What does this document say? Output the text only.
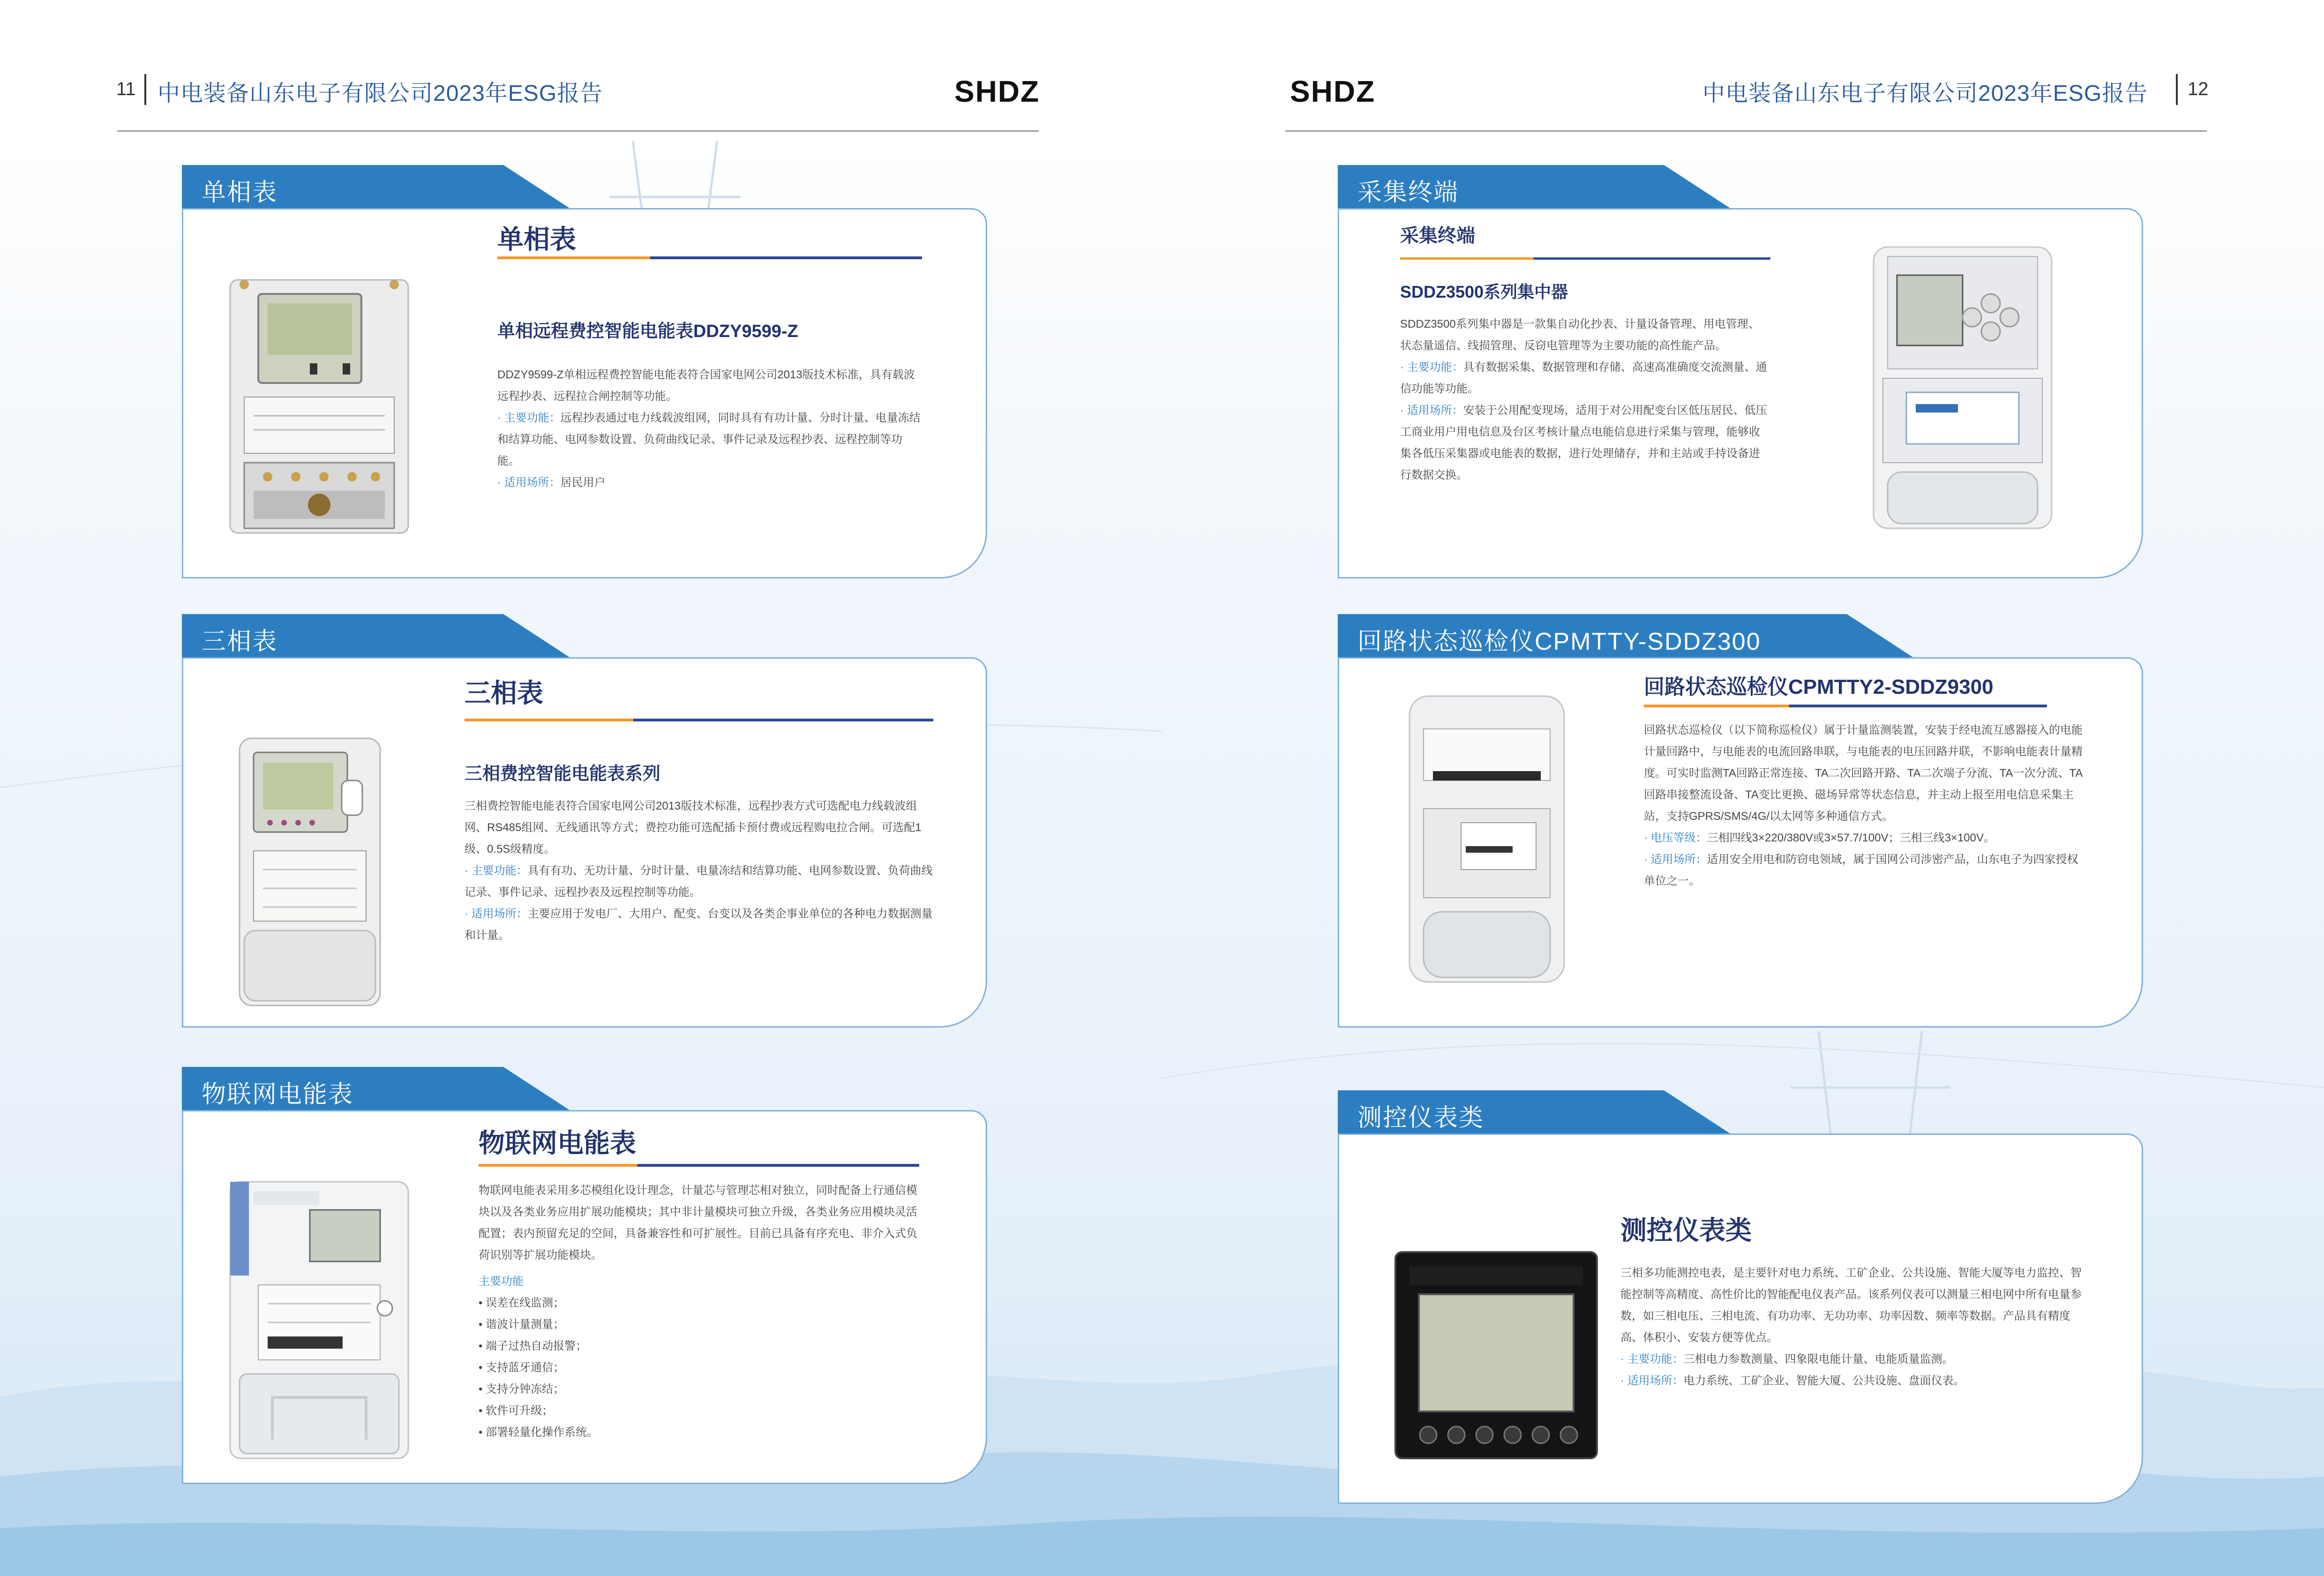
11 中电装备山东电子有限公司2023年ESG报告	SHDZ
单相表
单相表
单相远程费控智能电能表DDZY9599-Z

DDZY9599-Z单相远程费控智能电能表符合国家电网公司2013版技术标准，具有载波远程抄表、远程拉合闸控制等功能。

· 主要功能：远程抄表通过电力线载波组网，同时具有有功计量、分时计量、电量冻结和结算功能、电网参数设置、负荷曲线记录、事件记录及远程抄表、远程控制等功能。

· 适用场所：居民用户

三相表
三相表
三相费控智能电能表系列

三相费控智能电能表符合国家电网公司2013版技术标准，远程抄表方式可选配电力线载波组网、RS485组网、无线通讯等方式；费控功能可选配插卡预付费或远程购电拉合闸。可选配1级、0.5S级精度。

· 主要功能：具有有功、无功计量、分时计量、电量冻结和结算功能、电网参数设置、负荷曲线记录、事件记录、远程抄表及远程控制等功能。

· 适用场所：主要应用于发电厂、大用户、配变、台变以及各类企事业单位的各种电力数据测量和计量。

物联网电能表
物联网电能表

物联网电能表采用多芯模组化设计理念，计量芯与管理芯相对独立，同时配备上行通信模块以及各类业务应用扩展功能模块；其中非计量模块可独立升级，各类业务应用模块灵活配置；表内预留充足的空间，具备兼容性和可扩展性。目前已具备有序充电、非介入式负荷识别等扩展功能模块。

主要功能

• 误差在线监测；
• 谐波计量测量；
• 端子过热自动报警；
• 支持蓝牙通信；
• 支持分钟冻结；
• 软件可升级；
• 部署轻量化操作系统。
SHDZ	中电装备山东电子有限公司2023年ESG报告 12
采集终端
采集终端
SDDZ3500系列集中器

SDDZ3500系列集中器是一款集自动化抄表、计量设备管理、用电管理、状态量遥信、线损管理、反窃电管理等为主要功能的高性能产品。

· 主要功能：具有数据采集、数据管理和存储、高速高准确度交流测量、通信功能等功能。

· 适用场所：安装于公用配变现场，适用于对公用配变台区低压居民、低压工商业用户用电信息及台区考核计量点电能信息进行采集与管理，能够收集各低压采集器或电能表的数据，进行处理储存，并和主站或手持设备进行数据交换。

回路状态巡检仪CPMTTY-SDDZ300
回路状态巡检仪CPMTTY2-SDDZ9300

回路状态巡检仪（以下简称巡检仪）属于计量监测装置，安装于经电流互感器接入的电能计量回路中，与电能表的电流回路串联，与电能表的电压回路并联，不影响电能表计量精度。可实时监测TA回路正常连接、TA二次回路开路、TA二次端子分流、TA一次分流、TA回路串接整流设备、TA变比更换、磁场异常等状态信息，并主动上报至用电信息采集主站，支持GPRS/SMS/4G/以太网等多种通信方式。

· 电压等级：三相四线3×220/380V或3×57.7/100V；三相三线3×100V。

· 适用场所：适用安全用电和防窃电领域，属于国网公司涉密产品，山东电子为四家授权单位之一。

测控仪表类
测控仪表类

三相多功能测控电表，是主要针对电力系统、工矿企业、公共设施、智能大厦等电力监控、智能控制等高精度、高性价比的智能配电仪表产品。该系列仪表可以测量三相电网中所有电量参数，如三相电压、三相电流、有功功率、无功功率、功率因数、频率等数据。产品具有精度高、体积小、安装方便等优点。

· 主要功能：三相电力参数测量、四象限电能计量、电能质量监测。

· 适用场所：电力系统、工矿企业、智能大厦、公共设施、盘面仪表。
